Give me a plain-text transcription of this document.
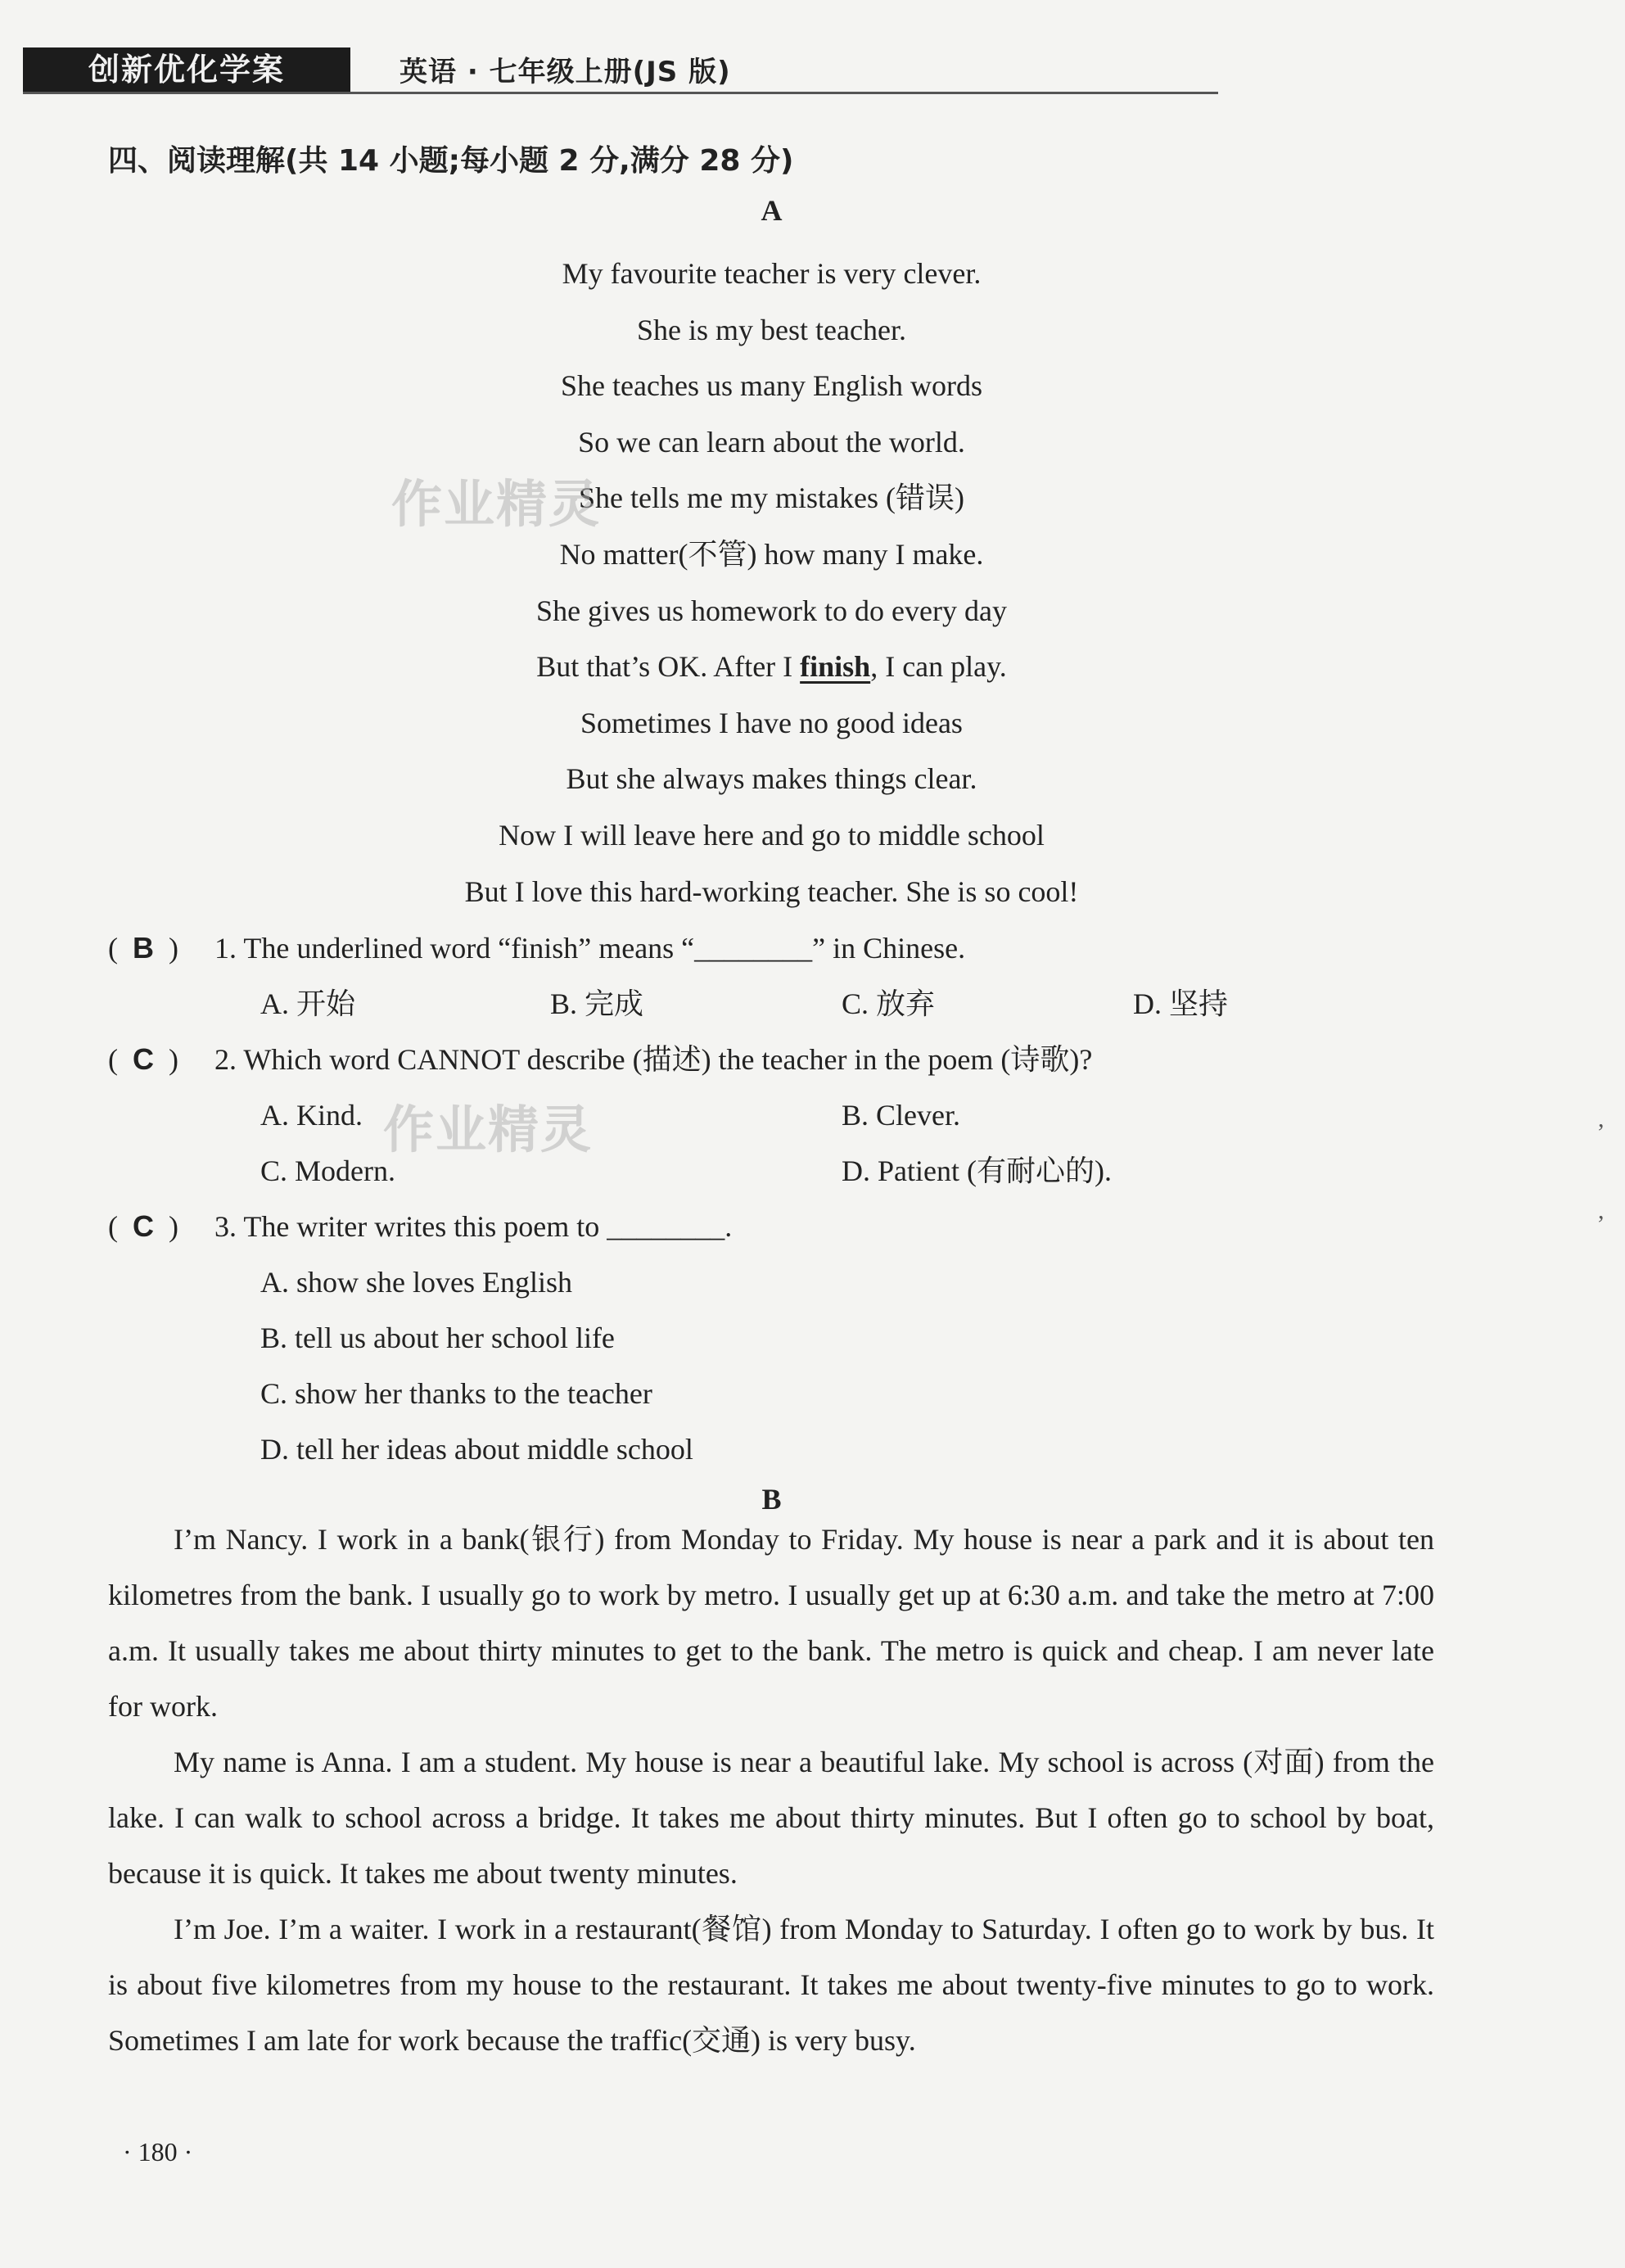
创新优化学案	英语 · 七年级上册(JS 版)
四、阅读理解(共 14 小题;每小题 2 分,满分 28 分)
A
My favourite teacher is very clever.
She is my best teacher.
She teaches us many English words
So we can learn about the world.
She tells me my mistakes (错误)
No matter(不管) how many I make.
She gives us homework to do every day
But that’s OK. After I finish, I can play.
Sometimes I have no good ideas
But she always makes things clear.
Now I will leave here and go to middle school
But I love this hard-working teacher. She is so cool!
( B ) 1. The underlined word “finish” means “________” in Chinese.
A. 开始	B. 完成	C. 放弃	D. 坚持
( C ) 2. Which word CANNOT describe (描述) the teacher in the poem (诗歌)?
A. Kind.	B. Clever.
C. Modern.	D. Patient (有耐心的).
( C ) 3. The writer writes this poem to ________.
A. show she loves English
B. tell us about her school life
C. show her thanks to the teacher
D. tell her ideas about middle school
B

I’m Nancy. I work in a bank(银行) from Monday to Friday. My house is near a park and it is about ten kilometres from the bank. I usually go to work by metro. I usually get up at 6:30 a.m. and take the metro at 7:00 a.m. It usually takes me about thirty minutes to get to the bank. The metro is quick and cheap. I am never late for work.

My name is Anna. I am a student. My house is near a beautiful lake. My school is across (对面) from the lake. I can walk to school across a bridge. It takes me about thirty minutes. But I often go to school by boat, because it is quick. It takes me about twenty minutes.

I’m Joe. I’m a waiter. I work in a restaurant(餐馆) from Monday to Saturday. I often go to work by bus. It is about five kilometres from my house to the restaurant. It takes me about twenty-five minutes to go to work. Sometimes I am late for work because the traffic(交通) is very busy.

作业精灵
作业精灵	,
,
· 180 ·
